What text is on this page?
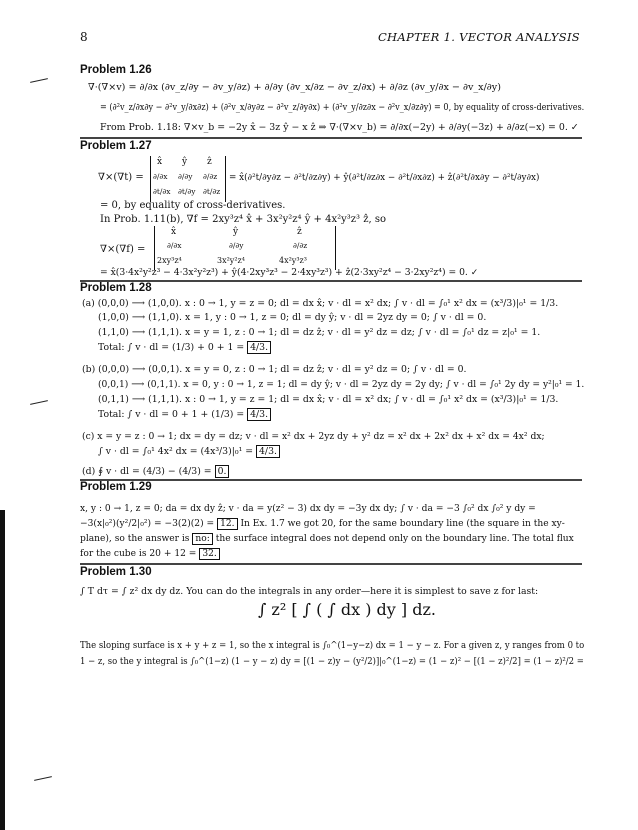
8	CHAPTER 1. VECTOR ANALYSIS
Problem 1.26
∇·(∇×v) = ∂/∂x (∂v_z/∂y − ∂v_y/∂z) + ∂/∂y (∂v_x/∂z − ∂v_z/∂x) + ∂/∂z (∂v_y/∂x − ∂v_x/∂y)
= (∂²v_z/∂x∂y − ∂²v_y/∂x∂z) + (∂²v_x/∂y∂z − ∂²v_z/∂y∂x) + (∂²v_y/∂z∂x − ∂²v_x/∂z∂y) = 0, by equality of cross-derivatives.
From Prob. 1.18: ∇×v_b = −2y x̂ − 3z ŷ − x ẑ ⇒ ∇·(∇×v_b) = ∂/∂x(−2y) + ∂/∂y(−3z) + ∂/∂z(−x) = 0. ✓
Problem 1.27
∇×(∇t) =
x̂ ŷ ẑ
∂/∂x ∂/∂y ∂/∂z
∂t/∂x ∂t/∂y ∂t/∂z
= x̂(∂²t/∂y∂z − ∂²t/∂z∂y) + ŷ(∂²t/∂z∂x − ∂²t/∂x∂z) + ẑ(∂²t/∂x∂y − ∂²t/∂y∂x)
= 0, by equality of cross-derivatives.
In Prob. 1.11(b), ∇f = 2xy³z⁴ x̂ + 3x²y²z⁴ ŷ + 4x²y³z³ ẑ, so
∇×(∇f) =
x̂	ŷ	ẑ
∂/∂x	∂/∂y	∂/∂z
2xy³z⁴	3x²y²z⁴	4x²y³z³
= x̂(3·4x²y²z³ − 4·3x²y²z³) + ŷ(4·2xy³z³ − 2·4xy³z³) + ẑ(2·3xy²z⁴ − 3·2xy²z⁴) = 0. ✓
Problem 1.28
(a) (0,0,0) ⟶ (1,0,0). x : 0 → 1, y = z = 0; dl = dx x̂; v · dl = x² dx; ∫ v · dl = ∫₀¹ x² dx = (x³/3)|₀¹ = 1/3.
(1,0,0) ⟶ (1,1,0). x = 1, y : 0 → 1, z = 0; dl = dy ŷ; v · dl = 2yz dy = 0; ∫ v · dl = 0.
(1,1,0) ⟶ (1,1,1). x = y = 1, z : 0 → 1; dl = dz ẑ; v · dl = y² dz = dz; ∫ v · dl = ∫₀¹ dz = z|₀¹ = 1.
Total: ∫ v · dl = (1/3) + 0 + 1 = 4/3.
(b) (0,0,0) ⟶ (0,0,1). x = y = 0, z : 0 → 1; dl = dz ẑ; v · dl = y² dz = 0; ∫ v · dl = 0.
(0,0,1) ⟶ (0,1,1). x = 0, y : 0 → 1, z = 1; dl = dy ŷ; v · dl = 2yz dy = 2y dy; ∫ v · dl = ∫₀¹ 2y dy = y²|₀¹ = 1.
(0,1,1) ⟶ (1,1,1). x : 0 → 1, y = z = 1; dl = dx x̂; v · dl = x² dx; ∫ v · dl = ∫₀¹ x² dx = (x³/3)|₀¹ = 1/3.
Total: ∫ v · dl = 0 + 1 + (1/3) = 4/3.
(c) x = y = z : 0 → 1; dx = dy = dz; v · dl = x² dx + 2yz dy + y² dz = x² dx + 2x² dx + x² dx = 4x² dx;
∫ v · dl = ∫₀¹ 4x² dx = (4x³/3)|₀¹ = 4/3.
(d) ∮ v · dl = (4/3) − (4/3) = 0.
Problem 1.29
x, y : 0 → 1, z = 0; da = dx dy ẑ; v · da = y(z² − 3) dx dy = −3y dx dy; ∫ v · da = −3 ∫₀² dx ∫₀² y dy =
−3(x|₀²)(y²/2|₀²) = −3(2)(2) = 12. In Ex. 1.7 we got 20, for the same boundary line (the square in the xy-
plane), so the answer is no: the surface integral does not depend only on the boundary line. The total flux
for the cube is 20 + 12 = 32.
Problem 1.30
∫ T dτ = ∫ z² dx dy dz. You can do the integrals in any order—here it is simplest to save z for last:
∫ z² [ ∫ ( ∫ dx ) dy ] dz.
The sloping surface is x + y + z = 1, so the x integral is ∫₀^(1−y−z) dx = 1 − y − z. For a given z, y ranges from 0 to
1 − z, so the y integral is ∫₀^(1−z) (1 − y − z) dy = [(1 − z)y − (y²/2)]|₀^(1−z) = (1 − z)² − [(1 − z)²/2] = (1 − z)²/2 =
